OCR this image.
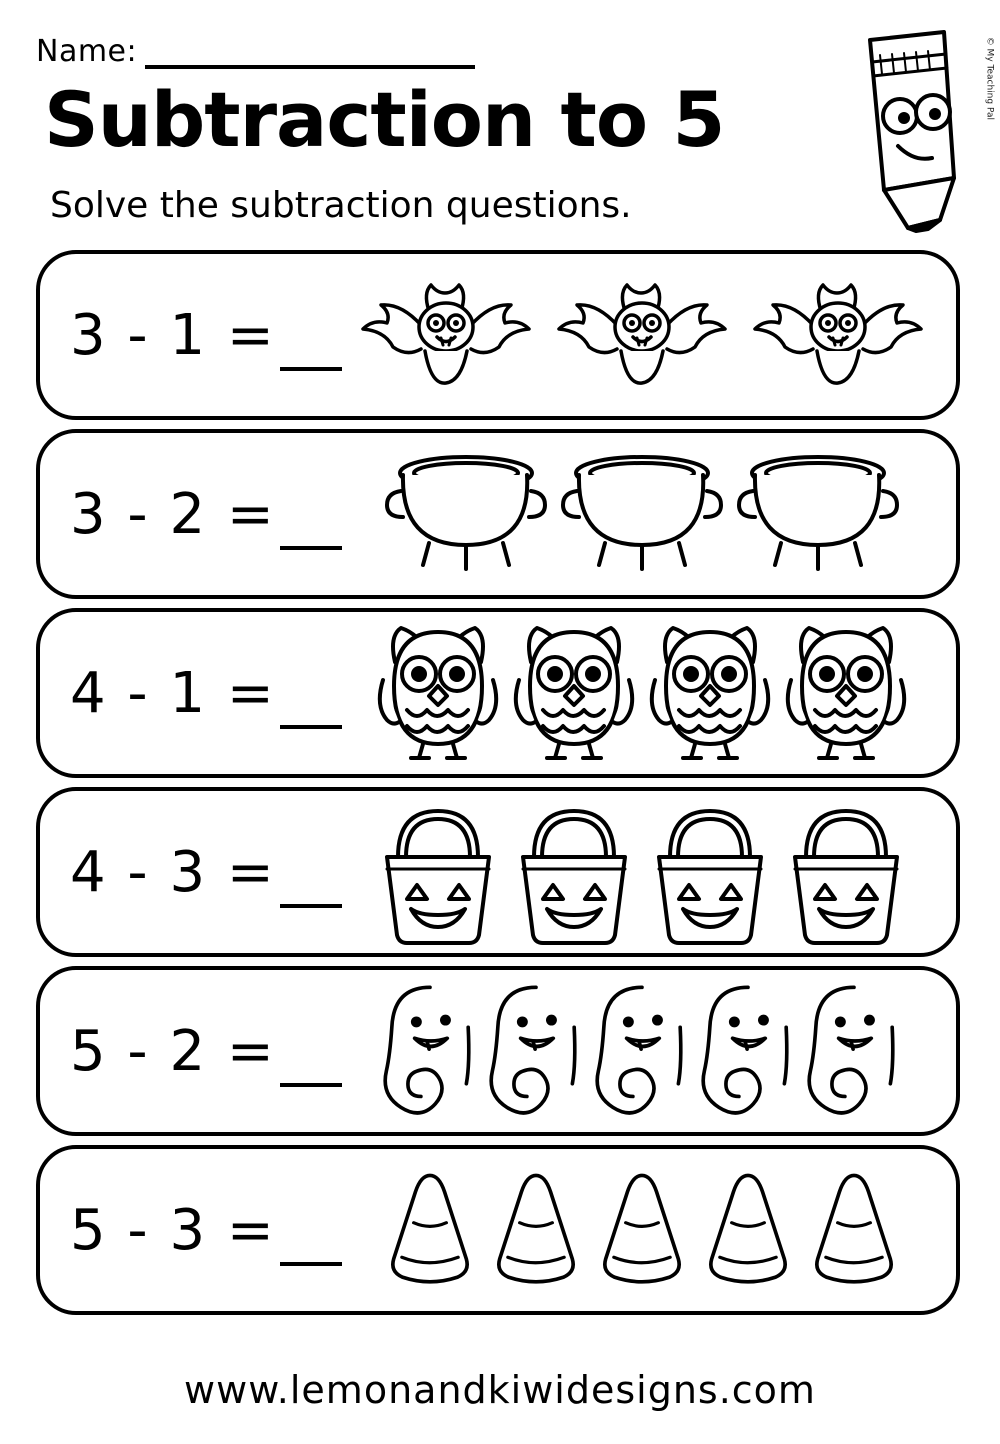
Name:
Subtraction to 5
Solve the subtraction questions.
© My Teaching Pal
3 - 1 =
3 - 2 =
4 - 1 =
4 - 3 =
5 - 2 =
5 - 3 =
www.lemonandkiwidesigns.com
